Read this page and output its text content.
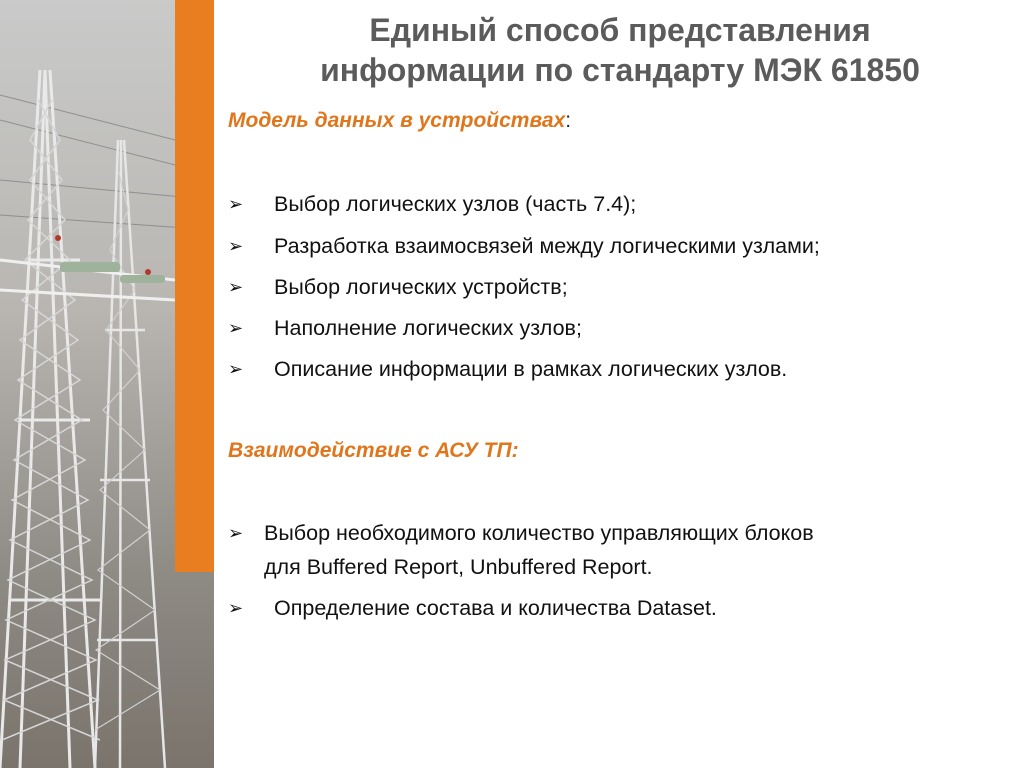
Единый способ представления
информации по стандарту МЭК 61850
Модель данных в устройствах:
➢ Выбор логических узлов (часть 7.4);
➢ Разработка взаимосвязей между логическими узлами;
➢ Выбор логических устройств;
➢ Наполнение логических узлов;
➢ Описание информации в рамках логических узлов.
Взаимодействие с АСУ ТП:
➢ Выбор необходимого количество управляющих блоков
для Buffered Report, Unbuffered Report.
➢ Определение состава и количества Dataset.
